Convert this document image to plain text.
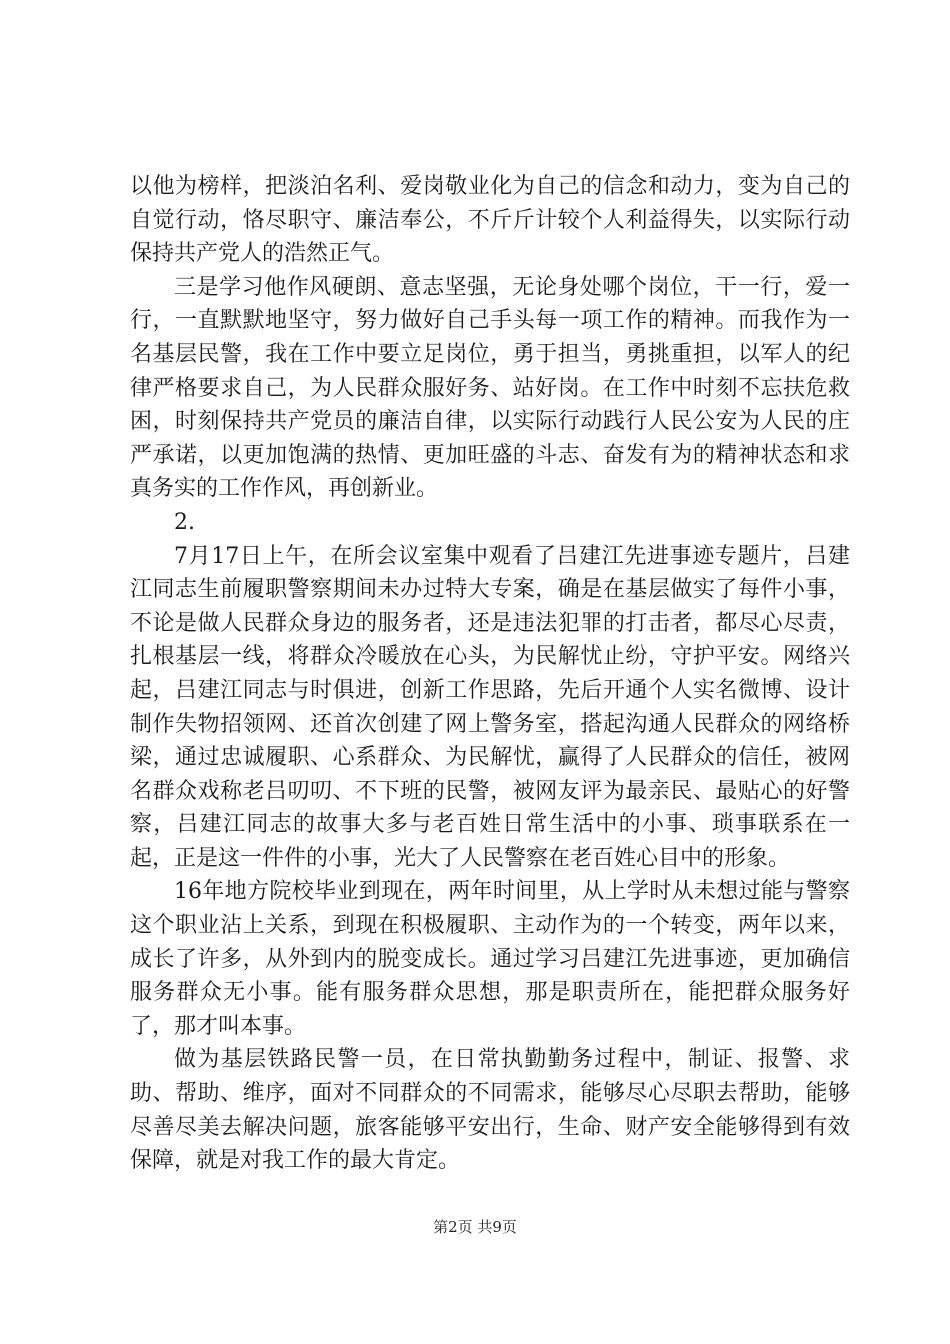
以他为榜样，把淡泊名利、爱岗敬业化为自己的信念和动力，变为自己的自觉行动，恪尽职守、廉洁奉公，不斤斤计较个人利益得失，以实际行动保持共产党人的浩然正气。

三是学习他作风硬朗、意志坚强，无论身处哪个岗位，干一行，爱一行，一直默默地坚守，努力做好自己手头每一项工作的精神。而我作为一名基层民警，我在工作中要立足岗位，勇于担当，勇挑重担，以军人的纪律严格要求自己，为人民群众服好务、站好岗。在工作中时刻不忘扶危救困，时刻保持共产党员的廉洁自律，以实际行动践行人民公安为人民的庄严承诺，以更加饱满的热情、更加旺盛的斗志、奋发有为的精神状态和求真务实的工作作风，再创新业。

2.

7月17日上午，在所会议室集中观看了吕建江先进事迹专题片，吕建江同志生前履职警察期间未办过特大专案，确是在基层做实了每件小事，不论是做人民群众身边的服务者，还是违法犯罪的打击者，都尽心尽责，扎根基层一线，将群众冷暖放在心头，为民解忧止纷，守护平安。网络兴起，吕建江同志与时俱进，创新工作思路，先后开通个人实名微博、设计制作失物招领网、还首次创建了网上警务室，搭起沟通人民群众的网络桥梁，通过忠诚履职、心系群众、为民解忧，赢得了人民群众的信任，被网名群众戏称老吕叨叨、不下班的民警，被网友评为最亲民、最贴心的好警察，吕建江同志的故事大多与老百姓日常生活中的小事、琐事联系在一起，正是这一件件的小事，光大了人民警察在老百姓心目中的形象。

16年地方院校毕业到现在，两年时间里，从上学时从未想过能与警察这个职业沾上关系，到现在积极履职、主动作为的一个转变，两年以来，成长了许多，从外到内的脱变成长。通过学习吕建江先进事迹，更加确信服务群众无小事。能有服务群众思想，那是职责所在，能把群众服务好了，那才叫本事。

做为基层铁路民警一员，在日常执勤勤务过程中，制证、报警、求助、帮助、维序，面对不同群众的不同需求，能够尽心尽职去帮助，能够尽善尽美去解决问题，旅客能够平安出行，生命、财产安全能够得到有效保障，就是对我工作的最大肯定。

第2页 共9页
